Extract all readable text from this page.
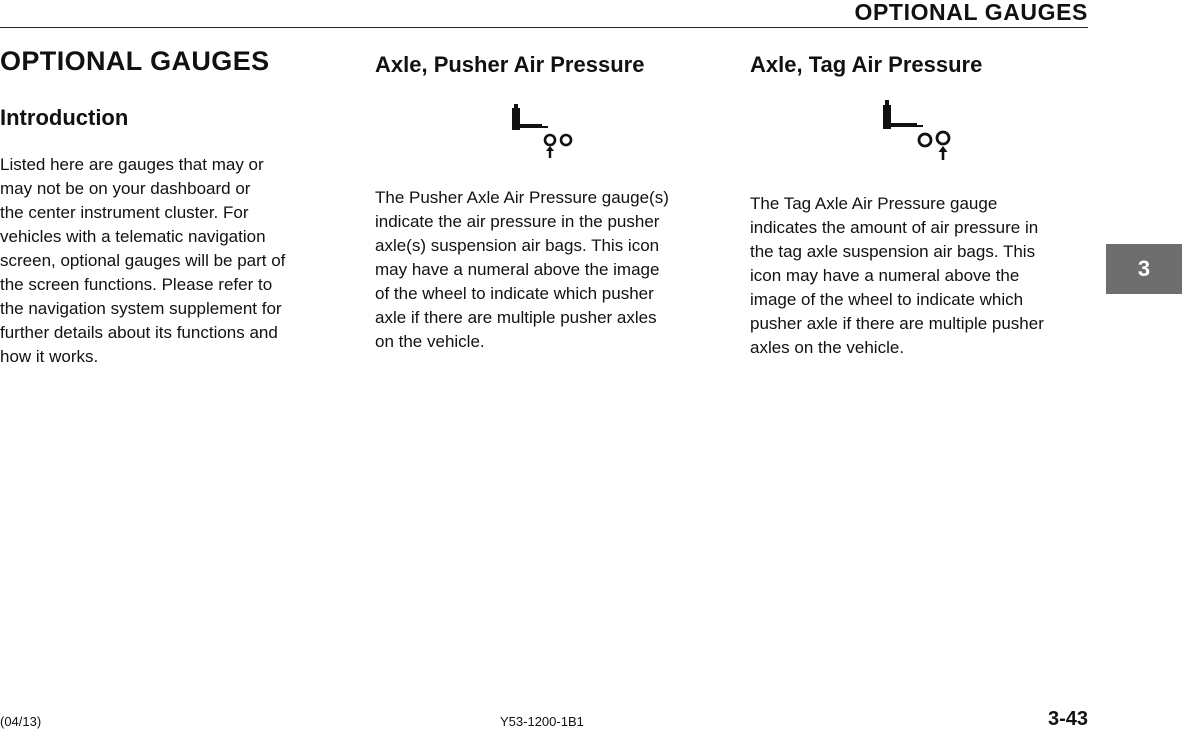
OPTIONAL GAUGES
OPTIONAL GAUGES
Introduction
Listed here are gauges that may or
may not be on your dashboard or
the center instrument cluster. For
vehicles with a telematic navigation
screen, optional gauges will be part of
the screen functions. Please refer to
the navigation system supplement for
further details about its functions and
how it works.
Axle, Pusher Air Pressure
The Pusher Axle Air Pressure gauge(s)
indicate the air pressure in the pusher
axle(s) suspension air bags. This icon
may have a numeral above the image
of the wheel to indicate which pusher
axle if there are multiple pusher axles
on the vehicle.
Axle, Tag Air Pressure
The Tag Axle Air Pressure gauge
indicates the amount of air pressure in
the tag axle suspension air bags. This
icon may have a numeral above the
image of the wheel to indicate which
pusher axle if there are multiple pusher
axles on the vehicle.
3
(04/13)	Y53-1200-1B1	3-43
